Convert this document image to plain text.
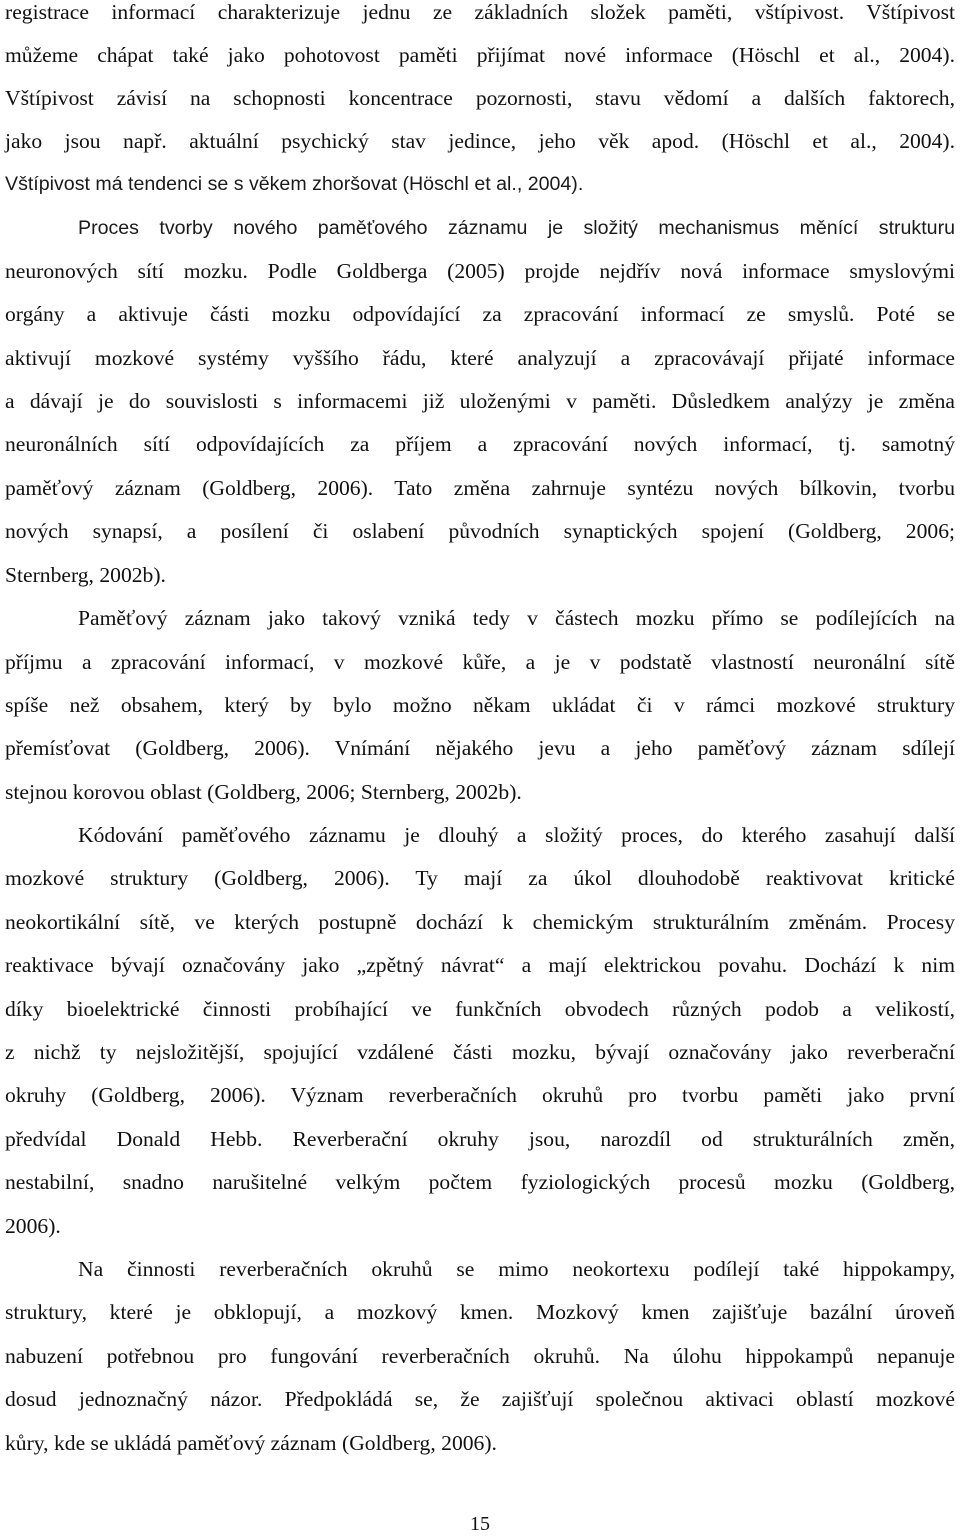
registrace informací charakterizuje jednu ze základních složek paměti, vštípivost. Vštípivost

můžeme chápat také jako pohotovost paměti přijímat nové informace (Höschl et al., 2004).

Vštípivost závisí na schopnosti koncentrace pozornosti, stavu vědomí a dalších faktorech,

jako jsou např. aktuální psychický stav jedince, jeho věk apod. (Höschl et al., 2004).

Vštípivost má tendenci se s věkem zhoršovat (Höschl et al., 2004).

Proces tvorby nového paměťového záznamu je složitý mechanismus měnící strukturu

neuronových sítí mozku. Podle Goldberga (2005) projde nejdřív nová informace smyslovými

orgány a aktivuje části mozku odpovídající za zpracování informací ze smyslů. Poté se

aktivují mozkové systémy vyššího řádu, které analyzují a zpracovávají přijaté informace

a dávají je do souvislosti s informacemi již uloženými v paměti. Důsledkem analýzy je změna

neuronálních sítí odpovídajících za příjem a zpracování nových informací, tj. samotný

paměťový záznam (Goldberg, 2006). Tato změna zahrnuje syntézu nových bílkovin, tvorbu

nových synapsí, a posílení či oslabení původních synaptických spojení (Goldberg, 2006;

Sternberg, 2002b).

Paměťový záznam jako takový vzniká tedy v částech mozku přímo se podílejících na

příjmu a zpracování informací, v mozkové kůře, a je v podstatě vlastností neuronální sítě

spíše než obsahem, který by bylo možno někam ukládat či v rámci mozkové struktury

přemísťovat (Goldberg, 2006). Vnímání nějakého jevu a jeho paměťový záznam sdílejí

stejnou korovou oblast (Goldberg, 2006; Sternberg, 2002b).

Kódování paměťového záznamu je dlouhý a složitý proces, do kterého zasahují další

mozkové struktury (Goldberg, 2006). Ty mají za úkol dlouhodobě reaktivovat kritické

neokortikální sítě, ve kterých postupně dochází k chemickým strukturálním změnám. Procesy

reaktivace bývají označovány jako „zpětný návrat“ a mají elektrickou povahu. Dochází k nim

díky bioelektrické činnosti probíhající ve funkčních obvodech různých podob a velikostí,

z nichž ty nejsložitější, spojující vzdálené části mozku, bývají označovány jako reverberační

okruhy (Goldberg, 2006). Význam reverberačních okruhů pro tvorbu paměti jako první

předvídal Donald Hebb. Reverberační okruhy jsou, narozdíl od strukturálních změn,

nestabilní, snadno narušitelné velkým počtem fyziologických procesů mozku (Goldberg,

2006).

Na činnosti reverberačních okruhů se mimo neokortexu podílejí také hippokampy,

struktury, které je obklopují, a mozkový kmen. Mozkový kmen zajišťuje bazální úroveň

nabuzení potřebnou pro fungování reverberačních okruhů. Na úlohu hippokampů nepanuje

dosud jednoznačný názor. Předpokládá se, že zajišťují společnou aktivaci oblastí mozkové

kůry, kde se ukládá paměťový záznam (Goldberg, 2006).

15
